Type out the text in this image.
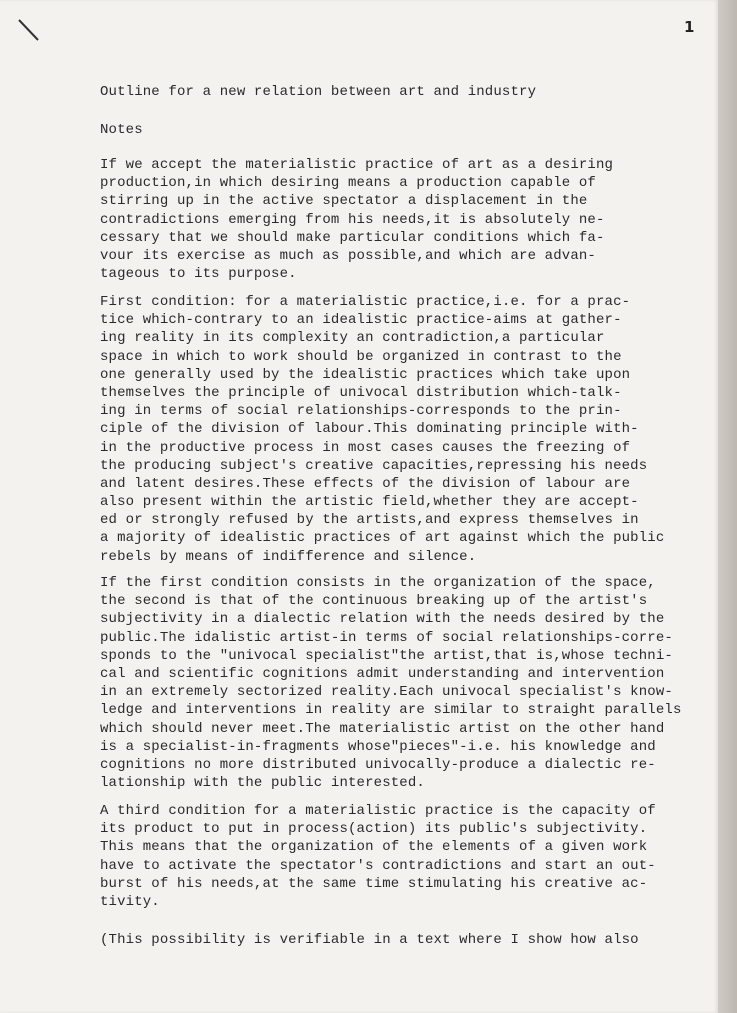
1
Outline for a new relation between art and industry
Notes
If we accept the materialistic practice of art as a desiring
production,in which desiring means a production capable of
stirring up in the active spectator a displacement in the
contradictions emerging from his needs,it is absolutely ne-
cessary that we should make particular conditions which fa-
vour its exercise as much as possible,and which are advan-
tageous to its purpose.
First condition: for a materialistic practice,i.e. for a prac-
tice which-contrary to an idealistic practice-aims at gather-
ing reality in its complexity an contradiction,a particular
space in which to work should be organized in contrast to the
one generally used by the idealistic practices which take upon
themselves the principle of univocal distribution which-talk-
ing in terms of social relationships-corresponds to the prin-
ciple of the division of labour.This dominating principle with-
in the productive process in most cases causes the freezing of
the producing subject's creative capacities,repressing his needs
and latent desires.These effects of the division of labour are
also present within the artistic field,whether they are accept-
ed or strongly refused by the artists,and express themselves in
a majority of idealistic practices of art against which the public
rebels by means of indifference and silence.
If the first condition consists in the organization of the space,
the second is that of the continuous breaking up of the artist's
subjectivity in a dialectic relation with the needs desired by the
public.The idalistic artist-in terms of social relationships-corre-
sponds to the "univocal specialist"the artist,that is,whose techni-
cal and scientific cognitions admit understanding and intervention
in an extremely sectorized reality.Each univocal specialist's know-
ledge and interventions in reality are similar to straight parallels
which should never meet.The materialistic artist on the other hand
is a specialist-in-fragments whose"pieces"-i.e. his knowledge and
cognitions no more distributed univocally-produce a dialectic re-
lationship with the public interested.
A third condition for a materialistic practice is the capacity of
its product to put in process(action) its public's subjectivity.
This means that the organization of the elements of a given work
have to activate the spectator's contradictions and start an out-
burst of his needs,at the same time stimulating his creative ac-
tivity.
(This possibility is verifiable in a text where I show how also
